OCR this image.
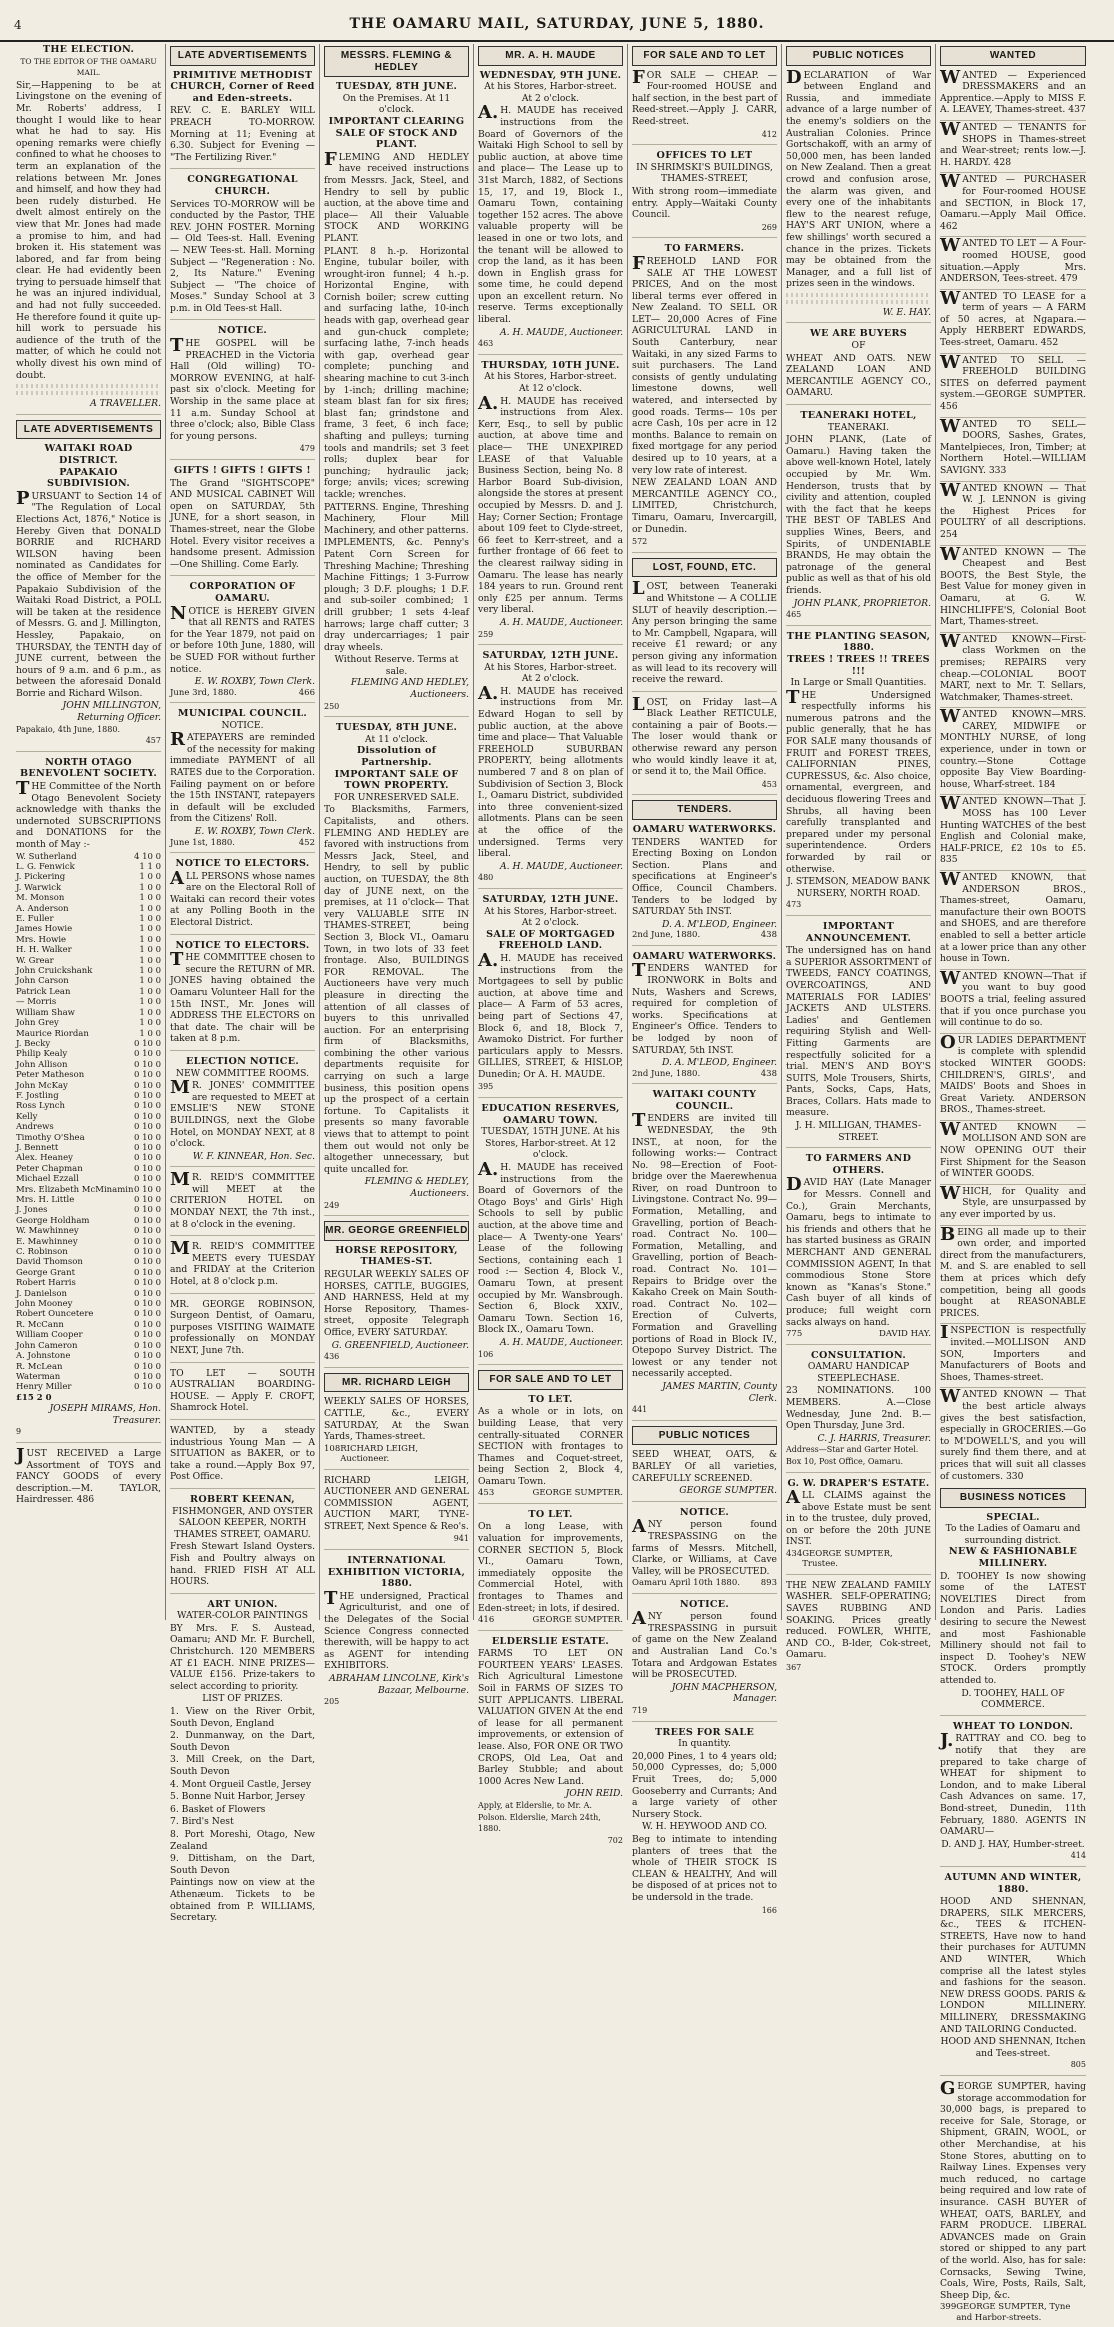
4	THE OAMARU MAIL, SATURDAY, JUNE 5, 1880.
THE ELECTION.
TO THE EDITOR OF THE OAMARU MAIL.
Sir,—Happening to be at Livingstone on the evening of Mr. Roberts' address, I thought I would like to hear what he had to say. His opening remarks were chiefly confined to what he chooses to term an explanation of the relations between Mr. Jones and himself, and how they had been rudely disturbed. He dwelt almost entirely on the view that Mr. Jones had made a promise to him, and had broken it. His statement was labored, and far from being clear. He had evidently been trying to persuade himself that he was an injured individual, and had not fully succeeded. He therefore found it quite up-hill work to persuade his audience of the truth of the matter, of which he could not wholly divest his own mind of doubt.
A TRAVELLER.
LATE ADVERTISEMENTS
WAITAKI ROAD DISTRICT.
PAPAKAIO SUBDIVISION.
PURSUANT to Section 14 of "The Regulation of Local Elections Act, 1876," Notice is Hereby Given that DONALD BORRIE and RICHARD WILSON having been nominated as Candidates for the office of Member for the Papakaio Subdivision of the Waitaki Road District, a POLL will be taken at the residence of Messrs. G. and J. Millington, Hessley, Papakaio, on THURSDAY, the TENTH day of JUNE current, between the hours of 9 a.m. and 6 p.m., as between the aforesaid Donald Borrie and Richard Wilson.
JOHN MILLINGTON, Returning Officer.
Papakaio, 4th June, 1880.
457
NORTH OTAGO BENEVOLENT SOCIETY.
THE Committee of the North Otago Benevolent Society acknowledge with thanks the undernoted SUBSCRIPTIONS and DONATIONS for the month of May :-
W. Sutherland	4 10 0
L. G. Fenwick	1 1 0
J. Pickering	1 0 0
J. Warwick	1 0 0
M. Monson	1 0 0
A. Anderson	1 0 0
E. Fuller	1 0 0
James Howie	1 0 0
Mrs. Howie	1 0 0
H. H. Walker	1 0 0
W. Grear	1 0 0
John Cruickshank	1 0 0
John Carson	1 0 0
Patrick Lean	1 0 0
— Morris	1 0 0
William Shaw	1 0 0
John Grey	1 0 0
Maurice Riordan	1 0 0
J. Becky	0 10 0
Philip Kealy	0 10 0
John Allison	0 10 0
Peter Matheson	0 10 0
John McKay	0 10 0
F. Jostling	0 10 0
Ross Lynch	0 10 0
Kelly	0 10 0
Andrews	0 10 0
Timothy O'Shea	0 10 0
J. Bennett	0 10 0
Alex. Heaney	0 10 0
Peter Chapman	0 10 0
Michael Ezzall	0 10 0
Mrs. Elizabeth McMinamin 0 10 0
Mrs. H. Little	0 10 0
J. Jones	0 10 0
George Holdham	0 10 0
W. Mawhinney	0 10 0
E. Mawhinney	0 10 0
C. Robinson	0 10 0
David Thomson	0 10 0
George Grant	0 10 0
Robert Harris	0 10 0
J. Danielson	0 10 0
John Mooney	0 10 0
Robert Ouncetere	0 10 0
R. McCann	0 10 0
William Cooper	0 10 0
John Cameron	0 10 0
A. Johnstone	0 10 0
R. McLean	0 10 0
Waterman	0 10 0
Henry Miller	0 10 0
£15 2 0
JOSEPH MIRAMS, Hon. Treasurer.
9
JUST RECEIVED a Large Assortment of TOYS and FANCY GOODS of every description.—M. TAYLOR, Hairdresser. 486
LATE ADVERTISEMENTS
PRIMITIVE METHODIST CHURCH, Corner of Reed and Eden-streets.
REV. C. E. BARLEY WILL PREACH TO-MORROW. Morning at 11; Evening at 6.30. Subject for Evening — "The Fertilizing River."
CONGREGATIONAL CHURCH.
Services TO-MORROW will be conducted by the Pastor, THE REV. JOHN FOSTER. Morning — Old Tees-st. Hall. Evening — NEW Tees-st. Hall. Morning Subject — "Regeneration : No. 2, Its Nature." Evening Subject — "The choice of Moses." Sunday School at 3 p.m. in Old Tees-st Hall.
NOTICE.
THE GOSPEL will be PREACHED in the Victoria Hall (Old willing) TO-MORROW EVENING, at half-past six o'clock. Meeting for Worship in the same place at 11 a.m. Sunday School at three o'clock; also, Bible Class for young persons.
479
GIFTS ! GIFTS ! GIFTS !
The Grand "SIGHTSCOPE" AND MUSICAL CABINET Will open on SATURDAY, 5th JUNE, for a short season, in Thames-street, near the Globe Hotel. Every visitor receives a handsome present. Admission—One Shilling. Come Early.
CORPORATION OF OAMARU.
NOTICE is HEREBY GIVEN that all RENTS and RATES for the Year 1879, not paid on or before 10th June, 1880, will be SUED FOR without further notice.
E. W. ROXBY, Town Clerk.
June 3rd, 1880.	466
MUNICIPAL COUNCIL.
NOTICE.
RATEPAYERS are reminded of the necessity for making immediate PAYMENT of all RATES due to the Corporation. Failing payment on or before the 15th INSTANT, ratepayers in default will be excluded from the Citizens' Roll.
E. W. ROXBY, Town Clerk.
June 1st, 1880.	452
NOTICE TO ELECTORS.
ALL PERSONS whose names are on the Electoral Roll of Waitaki can record their votes at any Polling Booth in the Electoral District.
NOTICE TO ELECTORS.
THE COMMITTEE chosen to secure the RETURN of MR. JONES having obtained the Oamaru Volunteer Hall for the 15th INST., Mr. Jones will ADDRESS THE ELECTORS on that date. The chair will be taken at 8 p.m.
ELECTION NOTICE.
NEW COMMITTEE ROOMS.
MR. JONES' COMMITTEE are requested to MEET at EMSLIE'S NEW STONE BUILDINGS, next the Globe Hotel, on MONDAY NEXT, at 8 o'clock.
W. F. KINNEAR, Hon. Sec.
MR. REID'S COMMITTEE will MEET at the CRITERION HOTEL on MONDAY NEXT, the 7th inst., at 8 o'clock in the evening.
MR. REID'S COMMITTEE MEETS every TUESDAY and FRIDAY at the Criterion Hotel, at 8 o'clock p.m.
MR. GEORGE ROBINSON, Surgeon Dentist, of Oamaru, purposes VISITING WAIMATE professionally on MONDAY NEXT, June 7th.
TO LET — SOUTH AUSTRALIAN BOARDING-HOUSE. — Apply F. CROFT, Shamrock Hotel.
WANTED, by a steady industrious Young Man — A SITUATION as BAKER, or to take a round.—Apply Box 97, Post Office.
ROBERT KEENAN,
FISHMONGER, AND OYSTER SALOON KEEPER, NORTH THAMES STREET, OAMARU.
Fresh Stewart Island Oysters. Fish and Poultry always on hand. FRIED FISH AT ALL HOURS.
ART UNION.
WATER-COLOR PAINTINGS
BY Mrs. F. S. Austead, Oamaru; AND Mr. F. Burchell, Christchurch. 120 MEMBERS AT £1 EACH. NINE PRIZES—VALUE £156. Prize-takers to select according to priority.
LIST OF PRIZES.
1. View on the River Orbit, South Devon, England
2. Dunmanway, on the Dart, South Devon
3. Mill Creek, on the Dart, South Devon
4. Mont Orgueil Castle, Jersey
5. Bonne Nuit Harbor, Jersey
6. Basket of Flowers
7. Bird's Nest
8. Port Moreshi, Otago, New Zealand
9. Dittisham, on the Dart, South Devon
Paintings now on view at the Athenæum. Tickets to be obtained from P. WILLIAMS, Secretary.
MESSRS. FLEMING & HEDLEY
TUESDAY, 8TH JUNE.
On the Premises. At 11 o'clock.
IMPORTANT CLEARING SALE OF STOCK AND PLANT.
FLEMING AND HEDLEY have received instructions from Messrs. Jack, Steel, and Hendry to sell by public auction, at the above time and place— All their Valuable STOCK AND WORKING PLANT.
PLANT. 8 h.-p. Horizontal Engine, tubular boiler, with wrought-iron funnel; 4 h.-p. Horizontal Engine, with Cornish boiler; screw cutting and surfacing lathe, 10-inch heads with gap, overhead gear and gun-chuck complete; surfacing lathe, 7-inch heads with gap, overhead gear complete; punching and shearing machine to cut 3-inch by 1-inch; drilling machine; steam blast fan for six fires; blast fan; grindstone and frame, 3 feet, 6 inch face; shafting and pulleys; turning tools and mandrils; set 3 feet rolls; duplex bear for punching; hydraulic jack; forge; anvils; vices; screwing tackle; wrenches.
PATTERNS. Engine, Threshing Machinery, Flour Mill Machinery, and other patterns.
IMPLEMENTS, &c. Penny's Patent Corn Screen for Threshing Machine; Threshing Machine Fittings; 1 3-Furrow plough; 3 D.F. ploughs; 1 D.F. and sub-soiler combined; 1 drill grubber; 1 sets 4-leaf harrows; large chaff cutter; 3 dray undercarriages; 1 pair dray wheels.
Without Reserve. Terms at sale.
FLEMING AND HEDLEY, Auctioneers.
250
TUESDAY, 8TH JUNE.
At 11 o'clock.
Dissolution of Partnership. IMPORTANT SALE OF TOWN PROPERTY.
FOR UNRESERVED SALE.
To Blacksmiths, Farmers, Capitalists, and others. FLEMING AND HEDLEY are favored with instructions from Messrs Jack, Steel, and Hendry, to sell by public auction, on TUESDAY, the 8th day of JUNE next, on the premises, at 11 o'clock— That very VALUABLE SITE IN THAMES-STREET, being Section 3, Block VI., Oamaru Town, in two lots of 33 feet frontage. Also, BUILDINGS FOR REMOVAL. The Auctioneers have very much pleasure in directing the attention of all classes of buyers to this unrivalled auction. For an enterprising firm of Blacksmiths, combining the other various departments requisite for carrying on such a large business, this position opens up the prospect of a certain fortune. To Capitalists it presents so many favorable views that to attempt to point them out would not only be altogether unnecessary, but quite uncalled for.
FLEMING & HEDLEY, Auctioneers.
249
MR. GEORGE GREENFIELD
HORSE REPOSITORY, THAMES-ST.
REGULAR WEEKLY SALES OF HORSES, CATTLE, BUGGIES, AND HARNESS, Held at my Horse Repository, Thames-street, opposite Telegraph Office, EVERY SATURDAY.
G. GREENFIELD, Auctioneer.
436
MR. RICHARD LEIGH
WEEKLY SALES OF HORSES, CATTLE, &c., EVERY SATURDAY, At the Swan Yards, Thames-street.
108 RICHARD LEIGH, Auctioneer.
RICHARD LEIGH, AUCTIONEER AND GENERAL COMMISSION AGENT, AUCTION MART, TYNE-STREET, Next Spence & Reo's.
941
INTERNATIONAL EXHIBITION VICTORIA, 1880.
THE undersigned, Practical Agriculturist, and one of the Delegates of the Social Science Congress connected therewith, will be happy to act as AGENT for intending EXHIBITORS.
ABRAHAM LINCOLNE, Kirk's Bazaar, Melbourne.
205
MR. A. H. MAUDE
WEDNESDAY, 9TH JUNE.
At his Stores, Harbor-street. At 2 o'clock.
A.H. MAUDE has received instructions from the Board of Governors of the Waitaki High School to sell by public auction, at above time and place— The Lease up to 31st March, 1882, of Sections 15, 17, and 19, Block I., Oamaru Town, containing together 152 acres. The above valuable property will be leased in one or two lots, and the tenant will be allowed to crop the land, as it has been down in English grass for some time, he could depend upon an excellent return. No reserve. Terms exceptionally liberal.
A. H. MAUDE, Auctioneer.
463
THURSDAY, 10TH JUNE.
At his Stores, Harbor-street. At 12 o'clock.
A.H. MAUDE has received instructions from Alex. Kerr, Esq., to sell by public auction, at above time and place— THE UNEXPIRED LEASE of that Valuable Business Section, being No. 8 Harbor Board Sub-division, alongside the stores at present occupied by Messrs. D. and J. Hay; Corner Section; Frontage about 109 feet to Clyde-street, 66 feet to Kerr-street, and a further frontage of 66 feet to the clearest railway siding in Oamaru. The lease has nearly 184 years to run. Ground rent only £25 per annum. Terms very liberal.
A. H. MAUDE, Auctioneer.
259
SATURDAY, 12TH JUNE.
At his Stores, Harbor-street. At 2 o'clock.
A.H. MAUDE has received instructions from Mr. Edward Hogan to sell by public auction, at the above time and place— That Valuable FREEHOLD SUBURBAN PROPERTY, being allotments numbered 7 and 8 on plan of Subdivision of Section 3, Block I., Oamaru District, subdivided into three convenient-sized allotments. Plans can be seen at the office of the undersigned. Terms very liberal.
A. H. MAUDE, Auctioneer.
480
SATURDAY, 12TH JUNE.
At his Stores, Harbor-street. At 2 o'clock.
SALE OF MORTGAGED FREEHOLD LAND.
A.H. MAUDE has received instructions from the Mortgagees to sell by public auction, at above time and place— A Farm of 53 acres, being part of Sections 47, Block 6, and 18, Block 7, Awamoko District. For further particulars apply to Messrs. GILLIES, STREET, & HISLOP, Dunedin; Or A. H. MAUDE.
395
EDUCATION RESERVES, OAMARU TOWN.
TUESDAY, 15TH JUNE. At his Stores, Harbor-street. At 12 o'clock.
A.H. MAUDE has received instructions from the Board of Governors of the Otago Boys' and Girls' High Schools to sell by public auction, at the above time and place— A Twenty-one Years' Lease of the following Sections, containing each 1 rood :— Section 4, Block V., Oamaru Town, at present occupied by Mr. Wansbrough. Section 6, Block XXIV., Oamaru Town. Section 16, Block IX., Oamaru Town.
A. H. MAUDE, Auctioneer.
106
FOR SALE AND TO LET
TO LET.
As a whole or in lots, on building Lease, that very centrally-situated CORNER SECTION with frontages to Thames and Coquet-street, being Section 2, Block 4, Oamaru Town.
453	GEORGE SUMPTER.
TO LET.
On a long Lease, with valuation for improvements, CORNER SECTION 5, Block VI., Oamaru Town, immediately opposite the Commercial Hotel, with frontages to Thames and Eden-street; in lots, if desired.
416	GEORGE SUMPTER.
ELDERSLIE ESTATE.
FARMS TO LET ON FOURTEEN YEARS' LEASES. Rich Agricultural Limestone Soil in FARMS OF SIZES TO SUIT APPLICANTS. LIBERAL VALUATION GIVEN At the end of lease for all permanent improvements, or extension of lease. Also, FOR ONE OR TWO CROPS, Old Lea, Oat and Barley Stubble; and about 1000 Acres New Land.
JOHN REID.
Apply, at Elderslie, to Mr. A. Polson. Elderslie, March 24th, 1880.
702
FOR SALE AND TO LET
FOR SALE — CHEAP. — Four-roomed HOUSE and half section, in the best part of Reed-street.—Apply J. CARR, Reed-street.
412
OFFICES TO LET
IN SHRIMSKI'S BUILDINGS, THAMES-STREET,
With strong room—immediate entry. Apply—Waitaki County Council.
269
TO FARMERS.
FREEHOLD LAND FOR SALE AT THE LOWEST PRICES, And on the most liberal terms ever offered in New Zealand. TO SELL OR LET— 20,000 Acres of Fine AGRICULTURAL LAND in South Canterbury, near Waitaki, in any sized Farms to suit purchasers. The Land consists of gently undulating limestone downs, well watered, and intersected by good roads. Terms— 10s per acre Cash, 10s per acre in 12 months. Balance to remain on fixed mortgage for any period desired up to 10 years, at a very low rate of interest.
NEW ZEALAND LOAN AND MERCANTILE AGENCY CO., LIMITED, Christchurch, Timaru, Oamaru, Invercargill, or Dunedin.
572
LOST, FOUND, ETC.
LOST, between Teaneraki and Whitstone — A COLLIE SLUT of heavily description.—Any person bringing the same to Mr. Campbell, Ngapara, will receive £1 reward; or any person giving any information as will lead to its recovery will receive the reward.
LOST, on Friday last—A Black Leather RETICULE, containing a pair of Boots.—The loser would thank or otherwise reward any person who would kindly leave it at, or send it to, the Mail Office.
453
TENDERS.
OAMARU WATERWORKS.
TENDERS WANTED for Erecting Boxing on London Section. Plans and specifications at Engineer's Office, Council Chambers. Tenders to be lodged by SATURDAY 5th INST.
D. A. M'LEOD, Engineer.
2nd June, 1880.	438
OAMARU WATERWORKS.
TENDERS WANTED for IRONWORK in Bolts and Nuts, Washers and Screws, required for completion of works. Specifications at Engineer's Office. Tenders to be lodged by noon of SATURDAY, 5th INST.
D. A. M'LEOD, Engineer.
2nd June, 1880.	438
WAITAKI COUNTY COUNCIL.
TENDERS are invited till WEDNESDAY, the 9th INST., at noon, for the following works:— Contract No. 98—Erection of Foot-bridge over the Maerewhenua River, on road Duntroon to Livingstone. Contract No. 99—Formation, Metalling, and Gravelling, portion of Beach-road. Contract No. 100—Formation, Metalling, and Gravelling, portion of Beach-road. Contract No. 101—Repairs to Bridge over the Kakaho Creek on Main South-road. Contract No. 102—Erection of Culverts, Formation and Gravelling portions of Road in Block IV., Otepopo Survey District. The lowest or any tender not necessarily accepted.
JAMES MARTIN, County Clerk.
441
PUBLIC NOTICES
SEED WHEAT, OATS, & BARLEY Of all varieties, CAREFULLY SCREENED.
GEORGE SUMPTER.
NOTICE.
ANY person found TRESPASSING on the farms of Messrs. Mitchell, Clarke, or Williams, at Cave Valley, will be PROSECUTED.
Oamaru April 10th 1880. 893
NOTICE.
ANY person found TRESPASSING in pursuit of game on the New Zealand and Australian Land Co.'s Totara and Ardgowan Estates will be PROSECUTED.
JOHN MACPHERSON, Manager.
719
TREES FOR SALE
In quantity.
20,000 Pines, 1 to 4 years old; 50,000 Cypresses, do; 5,000 Fruit Trees, do; 5,000 Gooseberry and Currants; And a large variety of other Nursery Stock.
W. H. HEYWOOD AND CO.
Beg to intimate to intending planters of trees that the whole of THEIR STOCK IS CLEAN & HEALTHY, And will be disposed of at prices not to be undersold in the trade.
166
PUBLIC NOTICES
DECLARATION of War between England and Russia, and immediate advance of a large number of the enemy's soldiers on the Australian Colonies. Prince Gortschakoff, with an army of 50,000 men, has been landed on New Zealand. Then a great crowd and confusion arose, the alarm was given, and every one of the inhabitants flew to the nearest refuge, HAY'S ART UNION, where a few shillings' worth secured a chance in the prizes. Tickets may be obtained from the Manager, and a full list of prizes seen in the windows.
W. E. HAY.
WE ARE BUYERS
OF
WHEAT AND OATS. NEW ZEALAND LOAN AND MERCANTILE AGENCY CO., OAMARU.
TEANERAKI HOTEL,
TEANERAKI.
JOHN PLANK, (Late of Oamaru.) Having taken the above well-known Hotel, lately occupied by Mr. Wm. Henderson, trusts that by civility and attention, coupled with the fact that he keeps THE BEST OF TABLES And supplies Wines, Beers, and Spirits, of UNDENIABLE BRANDS, He may obtain the patronage of the general public as well as that of his old friends.
JOHN PLANK, PROPRIETOR.
465
THE PLANTING SEASON, 1880.
TREES ! TREES !! TREES !!!
In Large or Small Quantities.
THE Undersigned respectfully informs his numerous patrons and the public generally, that he has FOR SALE many thousands of FRUIT and FOREST TREES, CALIFORNIAN PINES, CUPRESSUS, &c. Also choice, ornamental, evergreen, and deciduous flowering Trees and Shrubs, all having been carefully transplanted and prepared under my personal superintendence. Orders forwarded by rail or otherwise.
J. STEMSON, MEADOW BANK NURSERY, NORTH ROAD.
473
IMPORTANT ANNOUNCEMENT.
The undersigned has on hand a SUPERIOR ASSORTMENT of TWEEDS, FANCY COATINGS, OVERCOATINGS, AND MATERIALS FOR LADIES' JACKETS AND ULSTERS. Ladies' and Gentlemen requiring Stylish and Well-Fitting Garments are respectfully solicited for a trial. MEN'S AND BOY'S SUITS, Mole Trousers, Shirts, Pants, Socks, Caps, Hats, Braces, Collars. Hats made to measure.
J. H. MILLIGAN, THAMES-STREET.
TO FARMERS AND OTHERS.
DAVID HAY (Late Manager for Messrs. Connell and Co.), Grain Merchants, Oamaru, begs to intimate to his friends and others that he has started business as GRAIN MERCHANT AND GENERAL COMMISSION AGENT, In that commodious Stone Store known as "Kanas's Stone." Cash buyer of all kinds of produce; full weight corn sacks always on hand.
775	DAVID HAY.
CONSULTATION.
OAMARU HANDICAP STEEPLECHASE.
23 NOMINATIONS. 100 MEMBERS. A.—Close Wednesday, June 2nd. B.—Open Thursday, June 3rd.
C. J. HARRIS, Treasurer.
Address—Star and Garter Hotel. Box 10, Post Office, Oamaru.
G. W. DRAPER'S ESTATE.
ALL CLAIMS against the above Estate must be sent in to the trustee, duly proved, on or before the 20th JUNE INST.
434 GEORGE SUMPTER, Trustee.
THE NEW ZEALAND FAMILY WASHER. SELF-OPERATING; SAVES RUBBING AND SOAKING. Prices greatly reduced. FOWLER, WHITE, AND CO., B-lder, Cok-street, Oamaru.
367
WANTED
WANTED — Experienced DRESSMAKERS and an Apprentice.—Apply to MISS F. A. LEAVEY, Thames-street. 437
WANTED — TENANTS for SHOPS in Thames-street and Wear-street; rents low.—J. H. HARDY. 428
WANTED — PURCHASER for Four-roomed HOUSE and SECTION, in Block 17, Oamaru.—Apply Mail Office. 462
WANTED TO LET — A Four-roomed HOUSE, good situation.—Apply Mrs. ANDERSON, Tees-street. 479
WANTED TO LEASE for a term of years — A FARM of 50 acres, at Ngapara.—Apply HERBERT EDWARDS, Tees-street, Oamaru. 452
WANTED TO SELL — FREEHOLD BUILDING SITES on deferred payment system.—GEORGE SUMPTER. 456
WANTED TO SELL—DOORS, Sashes, Grates, Mantelpieces, Iron, Timber; at Northern Hotel.—WILLIAM SAVIGNY. 333
WANTED KNOWN — That W. J. LENNON is giving the Highest Prices for POULTRY of all descriptions. 254
WANTED KNOWN — The Cheapest and Best BOOTS, the Best Style, the Best Value for money given in Oamaru, at G. W. HINCHLIFFE'S, Colonial Boot Mart, Thames-street.
WANTED KNOWN—First-class Workmen on the premises; REPAIRS very cheap.—COLONIAL BOOT MART, next to Mr. T. Sellars, Watchmaker, Thames-street.
WANTED KNOWN—MRS. CAREY, MIDWIFE or MONTHLY NURSE, of long experience, under in town or country.—Stone Cottage opposite Bay View Boarding-house, Wharf-street. 184
WANTED KNOWN—That J. MOSS has 100 Lever Hunting WATCHES of the best English and Colonial make, HALF-PRICE, £2 10s to £5. 835
WANTED KNOWN, that ANDERSON BROS., Thames-street, Oamaru, manufacture their own BOOTS and SHOES, and are therefore enabled to sell a better article at a lower price than any other house in Town.
WANTED KNOWN—That if you want to buy good BOOTS a trial, feeling assured that if you once purchase you will continue to do so.
OUR LADIES DEPARTMENT is complete with splendid stocked WINTER GOODS: CHILDREN'S, GIRLS', and MAIDS' Boots and Shoes in Great Variety. ANDERSON BROS., Thames-street.
WANTED KNOWN — MOLLISON AND SON are NOW OPENING OUT their First Shipment for the Season of WINTER GOODS.
WHICH, for Quality and Style, are unsurpassed by any ever imported by us.
BEING all made up to their own order, and imported direct from the manufacturers, M. and S. are enabled to sell them at prices which defy competition, being all goods bought at REASONABLE PRICES.
INSPECTION is respectfully invited.—MOLLISON AND SON, Importers and Manufacturers of Boots and Shoes, Thames-street.
WANTED KNOWN — That the best article always gives the best satisfaction, especially in GROCERIES.—Go to M'DOWELL'S, and you will surely find them there, and at prices that will suit all classes of customers. 330
BUSINESS NOTICES
SPECIAL.
To the Ladies of Oamaru and surrounding district.
NEW & FASHIONABLE MILLINERY.
D. TOOHEY Is now showing some of the LATEST NOVELTIES Direct from London and Paris. Ladies desiring to secure the Newest and most Fashionable Millinery should not fail to inspect D. Toohey's NEW STOCK. Orders promptly attended to.
D. TOOHEY, HALL OF COMMERCE.
WHEAT TO LONDON.
J.RATTRAY and CO. beg to notify that they are prepared to take charge of WHEAT for shipment to London, and to make Liberal Cash Advances on same. 17, Bond-street, Dunedin, 11th February, 1880. AGENTS IN OAMARU—
D. AND J. HAY, Humber-street.
414
AUTUMN AND WINTER, 1880.
HOOD AND SHENNAN, DRAPERS, SILK MERCERS, &c., TEES & ITCHEN-STREETS, Have now to hand their purchases for AUTUMN AND WINTER, Which comprise all the latest styles and fashions for the season. NEW DRESS GOODS. PARIS & LONDON MILLINERY. MILLINERY, DRESSMAKING AND TAILORING Conducted.
HOOD AND SHENNAN, Itchen and Tees-street.
805
GEORGE SUMPTER, having storage accommodation for 30,000 bags, is prepared to receive for Sale, Storage, or Shipment, GRAIN, WOOL, or other Merchandise, at his Stone Stores, abutting on to Railway Lines. Expenses very much reduced, no cartage being required and low rate of insurance. CASH BUYER of WHEAT, OATS, BARLEY, and FARM PRODUCE. LIBERAL ADVANCES made on Grain stored or shipped to any part of the world. Also, has for sale: Cornsacks, Sewing Twine, Coals, Wire, Posts, Rails, Salt, Sheep Dip, &c.
399 GEORGE SUMPTER, Tyne and Harbor-streets.
